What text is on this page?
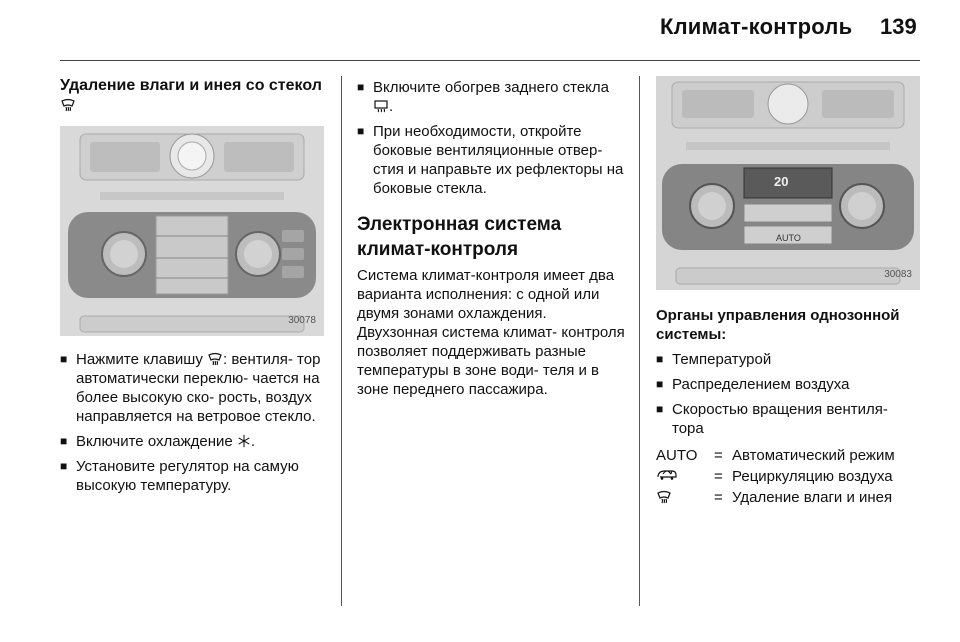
Климат-контроль 139
Удаление влаги и инея со стекол
30078
■ Нажмите клавишу : вентиля- тор автоматически переклю- чается на более высокую ско- рость, воздух направляется на ветровое стекло.
■ Включите охлаждение .
■ Установите регулятор на самую высокую температуру.
■ Включите обогрев заднего стекла .
■ При необходимости, откройте боковые вентиляционные отвер- стия и направьте их рефлекторы на боковые стекла.
Электронная система климат-контроля

Система климат-контроля имеет два варианта исполнения: с одной или двумя зонами охлаждения. Двухзонная система климат- контроля позволяет поддерживать разные температуры в зоне води- теля и в зоне переднего пассажира.

20
AUTO
30083
Органы управления однозонной системы:
■ Температурой
■ Распределением воздуха
■ Скоростью вращения вентиля- тора
AUTO	= Автоматический режим
= Рециркуляцию воздуха
= Удаление влаги и инея
